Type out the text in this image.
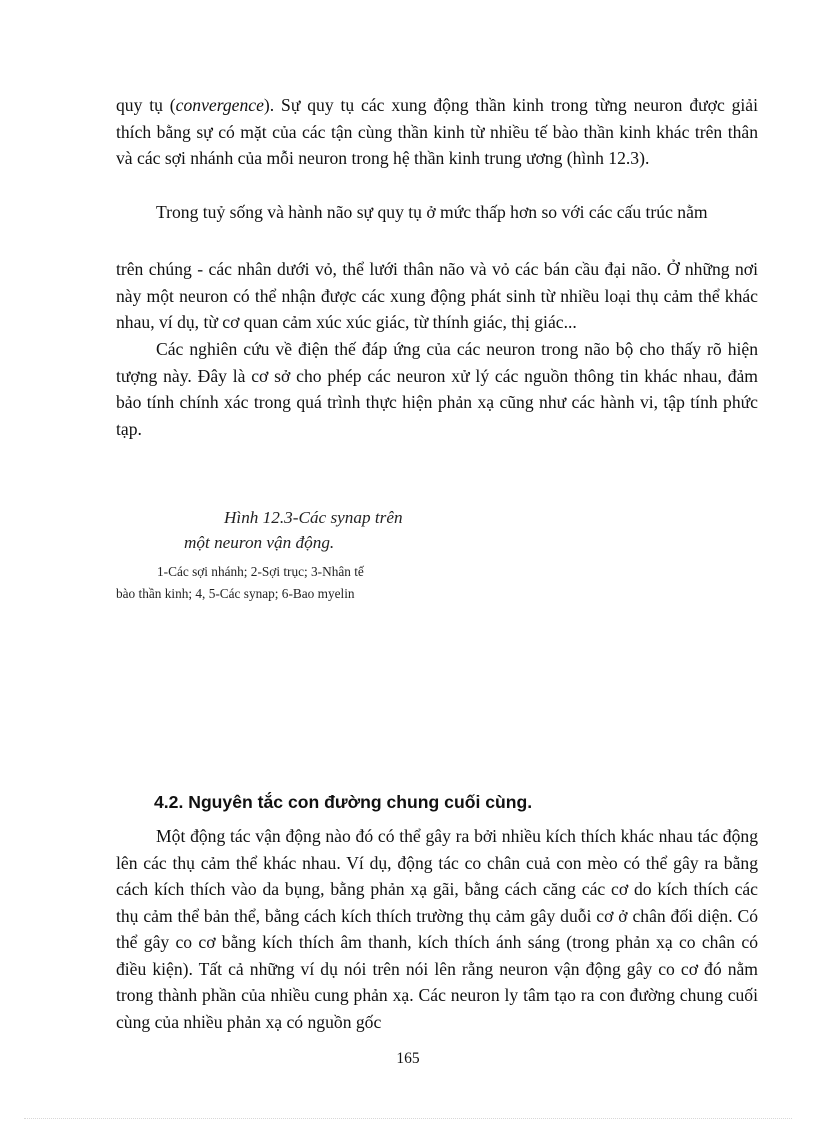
quy tụ (convergence). Sự quy tụ các xung động thần kinh trong từng neuron được giải thích bằng sự có mặt của các tận cùng thần kinh từ nhiều tế bào thần kinh khác trên thân và các sợi nhánh của mỗi neuron trong hệ thần kinh trung ương (hình 12.3).

Trong tuỷ sống và hành não sự quy tụ ở mức thấp hơn so với các cấu trúc nằm

trên chúng - các nhân dưới vỏ, thể lưới thân não và vỏ các bán cầu đại não. Ở những nơi này một neuron có thể nhận được các xung động phát sinh từ nhiều loại thụ cảm thể khác nhau, ví dụ, từ cơ quan cảm xúc xúc giác, từ thính giác, thị giác...

Các nghiên cứu về điện thế đáp ứng của các neuron trong não bộ cho thấy rõ hiện tượng này. Đây là cơ sở cho phép các neuron xử lý các nguồn thông tin khác nhau, đảm bảo tính chính xác trong quá trình thực hiện phản xạ cũng như các hành vi, tập tính phức tạp.

Hình 12.3-Các synap trên
một neuron vận động.
1-Các sợi nhánh; 2-Sợi trục; 3-Nhân tế
bào thần kinh; 4, 5-Các synap; 6-Bao myelin
4.2. Nguyên tắc con đường chung cuối cùng.

Một động tác vận động nào đó có thể gây ra bởi nhiều kích thích khác nhau tác động lên các thụ cảm thể khác nhau. Ví dụ, động tác co chân cuả con mèo có thể gây ra bằng cách kích thích vào da bụng, bằng phản xạ gãi, bằng cách căng các cơ do kích thích các thụ cảm thể bản thể, bằng cách kích thích trường thụ cảm gây duỗi cơ ở chân đối diện. Có thể gây co cơ bằng kích thích âm thanh, kích thích ánh sáng (trong phản xạ co chân có điều kiện). Tất cả những ví dụ nói trên nói lên rằng neuron vận động gây co cơ đó nằm trong thành phần của nhiều cung phản xạ. Các neuron ly tâm tạo ra con đường chung cuối cùng của nhiều phản xạ có nguồn gốc

165
